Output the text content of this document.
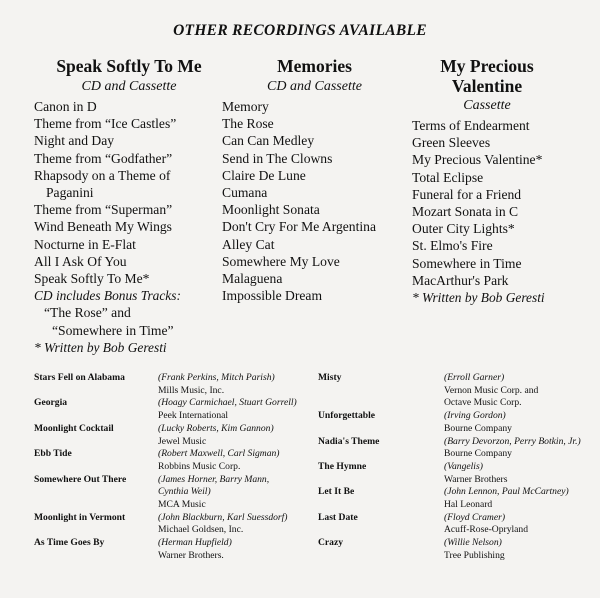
OTHER RECORDINGS AVAILABLE
Speak Softly To Me
CD and Cassette
Canon in D
Theme from “Ice Castles”
Night and Day
Theme from “Godfather”
Rhapsody on a Theme of Paganini
Theme from “Superman”
Wind Beneath My Wings
Nocturne in E-Flat
All I Ask Of You
Speak Softly To Me*
CD includes Bonus Tracks:
“The Rose” and
“Somewhere in Time”
* Written by Bob Geresti
Memories
CD and Cassette
Memory
The Rose
Can Can Medley
Send in The Clowns
Claire De Lune
Cumana
Moonlight Sonata
Don't Cry For Me Argentina
Alley Cat
Somewhere My Love
Malaguena
Impossible Dream
My Precious Valentine
Cassette
Terms of Endearment
Green Sleeves
My Precious Valentine*
Total Eclipse
Funeral for a Friend
Mozart Sonata in C
Outer City Lights*
St. Elmo's Fire
Somewhere in Time
MacArthur's Park
* Written by Bob Geresti
Stars Fell on Alabama	(Frank Perkins, Mitch Parish)
Mills Music, Inc.
Georgia	(Hoagy Carmichael, Stuart Gorrell)
Peek International
Moonlight Cocktail	(Lucky Roberts, Kim Gannon)
Jewel Music
Ebb Tide	(Robert Maxwell, Carl Sigman)
Robbins Music Corp.
Somewhere Out There	(James Horner, Barry Mann, Cynthia Weil)
MCA Music
Moonlight in Vermont	(John Blackburn, Karl Suessdorf)
Michael Goldsen, Inc.
As Time Goes By	(Herman Hupfield)
Warner Brothers.
Misty	(Erroll Garner)
Vernon Music Corp. and Octave Music Corp.
Unforgettable	(Irving Gordon)
Bourne Company
Nadia's Theme	(Barry Devorzon, Perry Botkin, Jr.)
Bourne Company
The Hymne	(Vangelis)
Warner Brothers
Let It Be	(John Lennon, Paul McCartney)
Hal Leonard
Last Date	(Floyd Cramer)
Acuff-Rose-Opryland
Crazy	(Willie Nelson)
Tree Publishing
